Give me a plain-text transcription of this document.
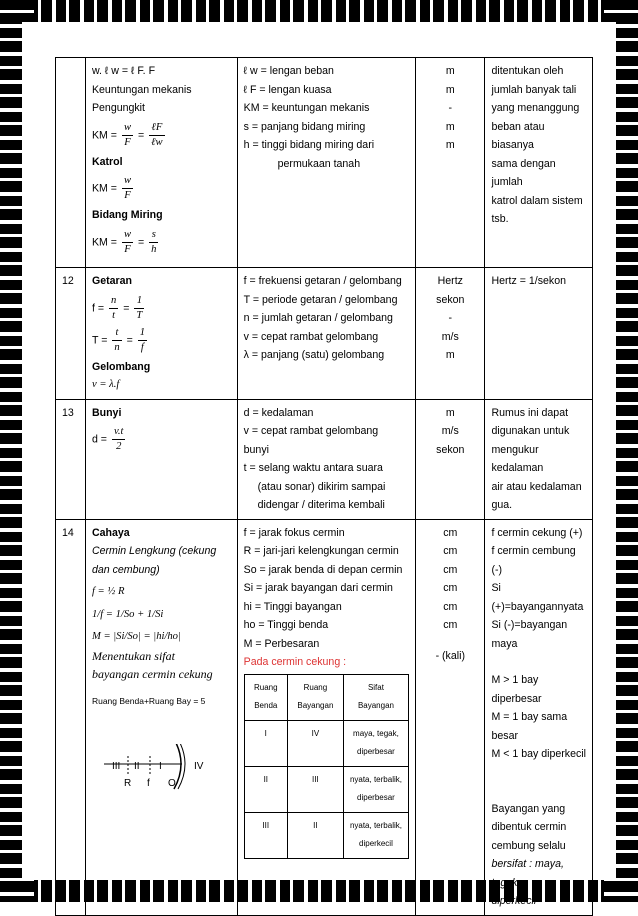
w. ℓ w = ℓ F. F
Keuntungan mekanis
Pengungkit
KM = $\frac{w}{F} = \frac{\text{ℓF}}{\text{ℓw}}$
Katrol
KM = $\frac{w}{F}$
Bidang Miring
KM = $\frac{w}{F} = \frac{s}{h}$

ℓ w = lengan beban
ℓ F = lengan kuasa
KM = keuntungan mekanis
s = panjang bidang miring
h = tinggi bidang miring dari
permukaan tanah

m
m
-
m
m

ditentukan oleh
jumlah banyak tali
yang menanggung
beban atau biasanya
sama dengan jumlah
katrol dalam sistem
tsb.

12	Getaran
$f = \frac{n}{t} = \frac{1}{T}$
$T = \frac{t}{n} = \frac{1}{f}$
Gelombang
v = λ.f

f = frekuensi getaran / gelombang
T = periode getaran / gelombang
n = jumlah getaran / gelombang
v = cepat rambat gelombang
λ = panjang (satu) gelombang

Hertz
sekon
-
m/s
m

Hertz = 1/sekon

13	Bunyi
$d = \frac{v.t}{2}$

d = kedalaman
v = cepat rambat gelombang
bunyi
t = selang waktu antara suara
(atau sonar) dikirim sampai
didengar / diterima kembali

m
m/s
sekon

Rumus ini dapat
digunakan untuk
mengukur kedalaman
air atau kedalaman
gua.

14	Cahaya
Cermin Lengkung (cekung
dan cembung)
f = ½ R
1/f = 1/So + 1/Si
M = |Si/So| = |hi/ho|
Menentukan sifat
bayangan cermin cekung
Ruang Benda+Ruang Bay = 5
III II I	IV
R f O

f = jarak fokus cermin
R = jari-jari kelengkungan cermin
So = jarak benda di depan cermin
Si = jarak bayangan dari cermin
hi = Tinggi bayangan
ho = Tinggi benda
M = Perbesaran
Pada cermin cekung :
Ruang Benda	Ruang Bayangan	Sifat Bayangan
I	IV	maya, tegak, diperbesar
II	III	nyata, terbalik, diperbesar
III	II	nyata, terbalik, diperkecil

cm
cm
cm
cm
cm
cm
- (kali)

f cermin cekung (+)
f cermin cembung (-)
Si (+)=bayangannyata
Si (-)=bayangan maya
M > 1 bay diperbesar
M = 1 bay sama
besar
M < 1 bay diperkecil
Bayangan yang
dibentuk cermin
cembung selalu
bersifat : maya, tegak,
diperkecil
